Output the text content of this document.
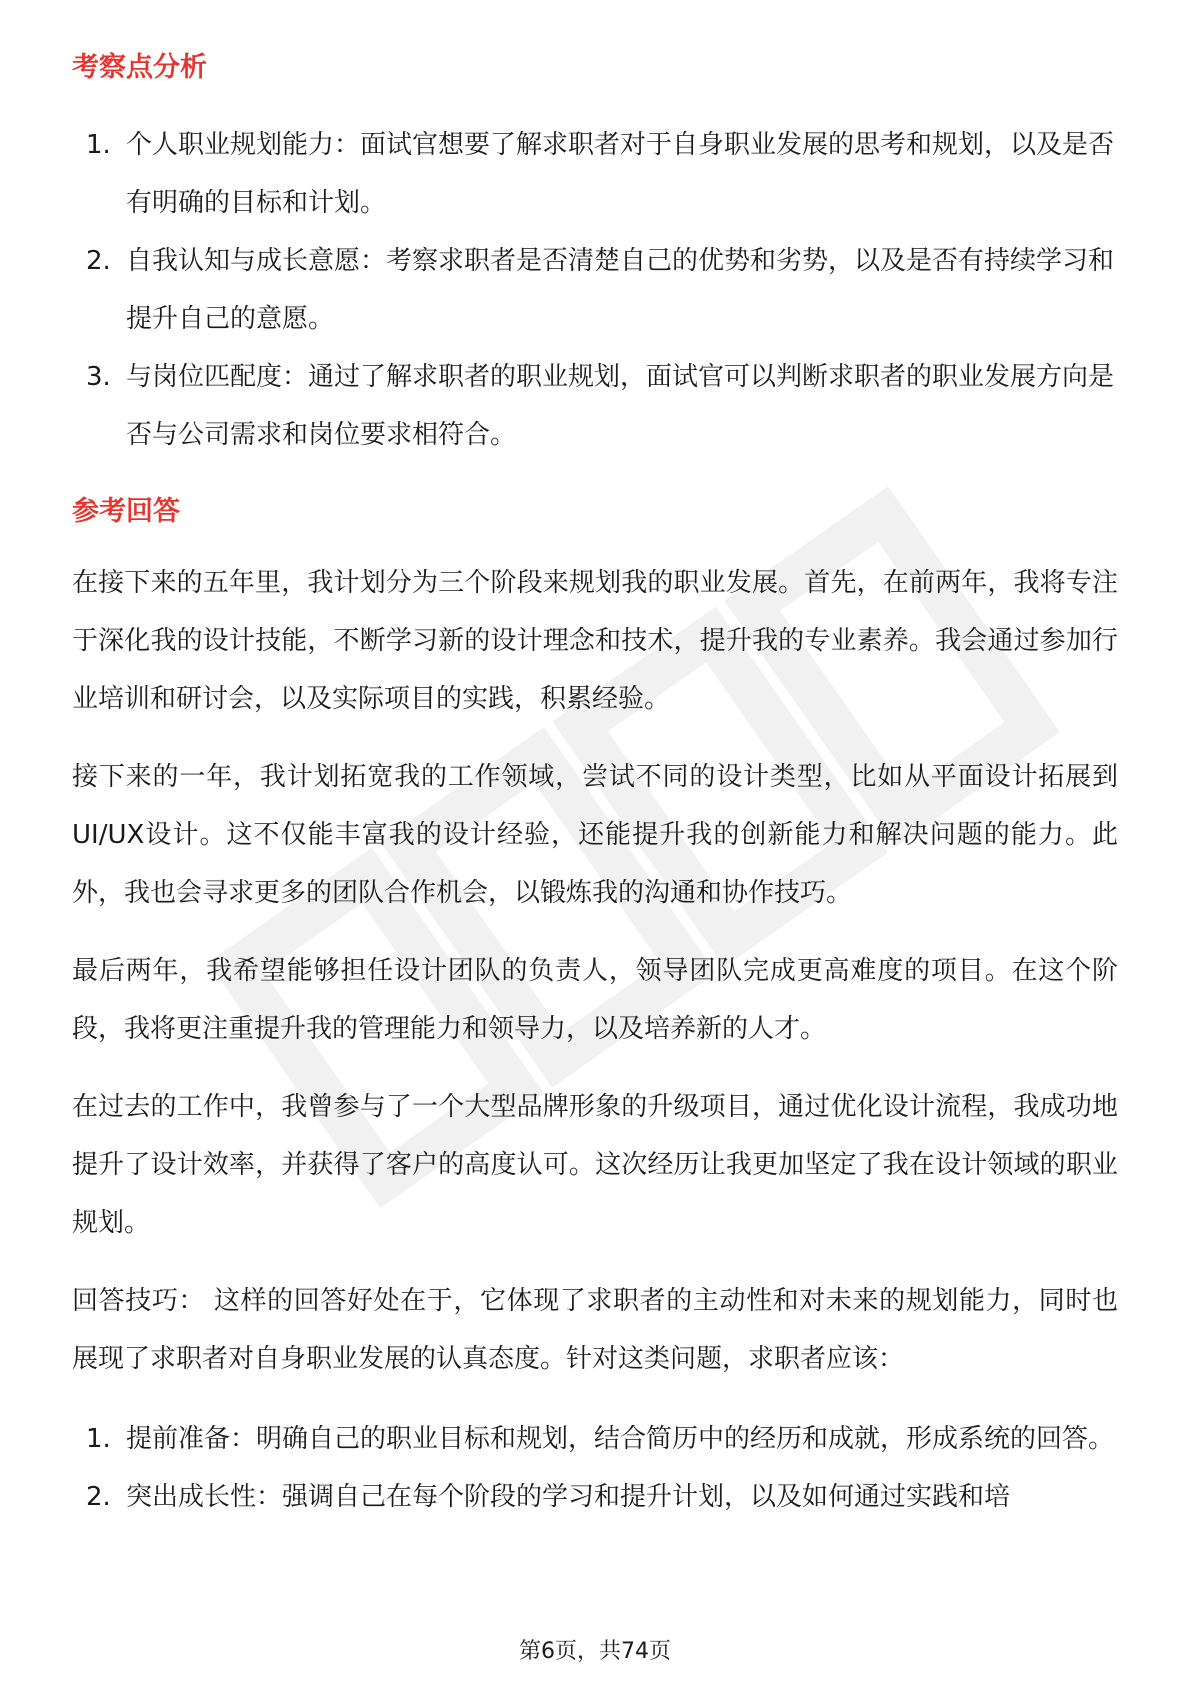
考察点分析
1. 个人职业规划能力：面试官想要了解求职者对于自身职业发展的思考和规划，以及是否有明确的目标和计划。
2. 自我认知与成长意愿：考察求职者是否清楚自己的优势和劣势，以及是否有持续学习和提升自己的意愿。
3. 与岗位匹配度：通过了解求职者的职业规划，面试官可以判断求职者的职业发展方向是否与公司需求和岗位要求相符合。
参考回答

在接下来的五年里，我计划分为三个阶段来规划我的职业发展。首先，在前两年，我将专注于深化我的设计技能，不断学习新的设计理念和技术，提升我的专业素养。我会通过参加行业培训和研讨会，以及实际项目的实践，积累经验。

接下来的一年，我计划拓宽我的工作领域，尝试不同的设计类型，比如从平面设计拓展到UI/UX设计。这不仅能丰富我的设计经验，还能提升我的创新能力和解决问题的能力。此外，我也会寻求更多的团队合作机会，以锻炼我的沟通和协作技巧。

最后两年，我希望能够担任设计团队的负责人，领导团队完成更高难度的项目。在这个阶段，我将更注重提升我的管理能力和领导力，以及培养新的人才。

在过去的工作中，我曾参与了一个大型品牌形象的升级项目，通过优化设计流程，我成功地提升了设计效率，并获得了客户的高度认可。这次经历让我更加坚定了我在设计领域的职业规划。

回答技巧： 这样的回答好处在于，它体现了求职者的主动性和对未来的规划能力，同时也展现了求职者对自身职业发展的认真态度。针对这类问题，求职者应该：

1. 提前准备：明确自己的职业目标和规划，结合简历中的经历和成就，形成系统的回答。
2. 突出成长性：强调自己在每个阶段的学习和提升计划，以及如何通过实践和培
第6页，共74页
